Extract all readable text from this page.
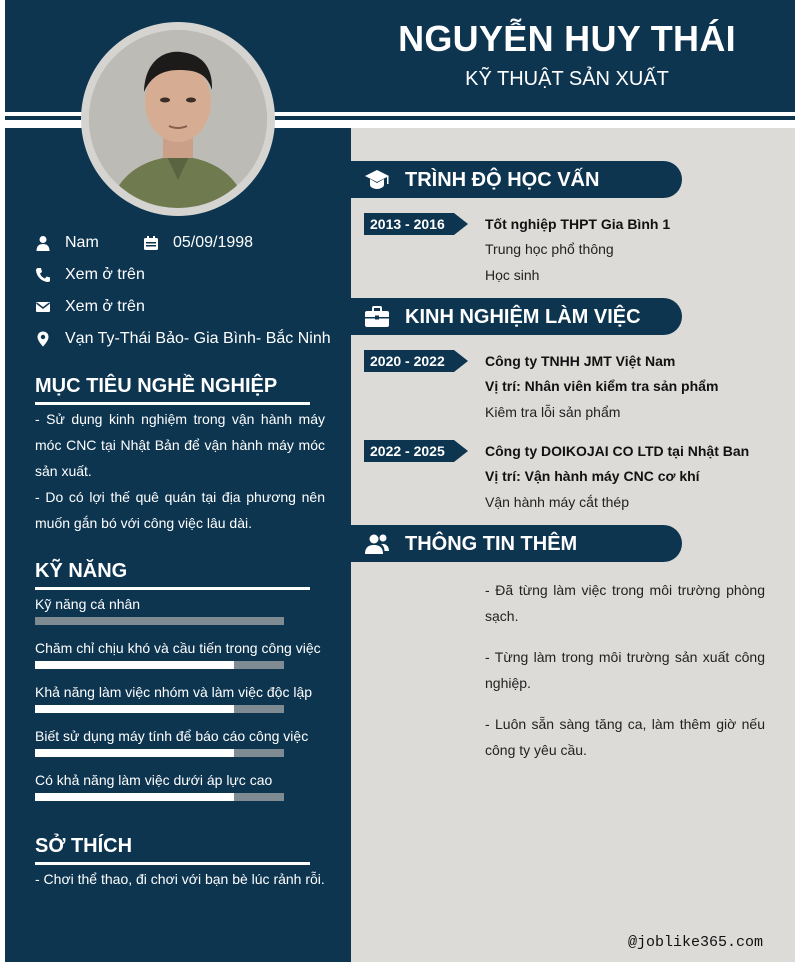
NGUYỄN HUY THÁI
KỸ THUẬT SẢN XUẤT
Nam	05/09/1998
Xem ở trên
Xem ở trên
Vạn Ty-Thái Bảo- Gia Bình- Bắc Ninh
MỤC TIÊU NGHỀ NGHIỆP
- Sử dụng kinh nghiệm trong vận hành máy móc CNC tại Nhật Bản để vận hành máy móc sản xuất.
- Do có lợi thế quê quán tại địa phương nên muốn gắn bó với công việc lâu dài.
KỸ NĂNG
Kỹ năng cá nhân
Chăm chỉ chịu khó và cầu tiến trong công việc
Khả năng làm việc nhóm và làm việc độc lập
Biết sử dụng máy tính để báo cáo công việc
Có khả năng làm việc dưới áp lực cao
SỞ THÍCH
- Chơi thể thao, đi chơi với bạn bè lúc rảnh rỗi.
TRÌNH ĐỘ HỌC VẤN
2013 - 2016	Tốt nghiệp THPT Gia Bình 1
Trung học phổ thông
Học sinh
KINH NGHIỆM LÀM VIỆC
2020 - 2022	Công ty TNHH JMT Việt Nam
Vị trí: Nhân viên kiểm tra sản phẩm
Kiêm tra lỗi sản phẩm
2022 - 2025	Công ty DOIKOJAI CO LTD tại Nhật Ban
Vị trí: Vận hành máy CNC cơ khí
Vận hành máy cắt thép
THÔNG TIN THÊM
- Đã từng làm việc trong môi trường phòng sạch.
- Từng làm trong môi trường sản xuất công nghiệp.
- Luôn sẵn sàng tăng ca, làm thêm giờ nếu công ty yêu cầu.
@joblike365.com
